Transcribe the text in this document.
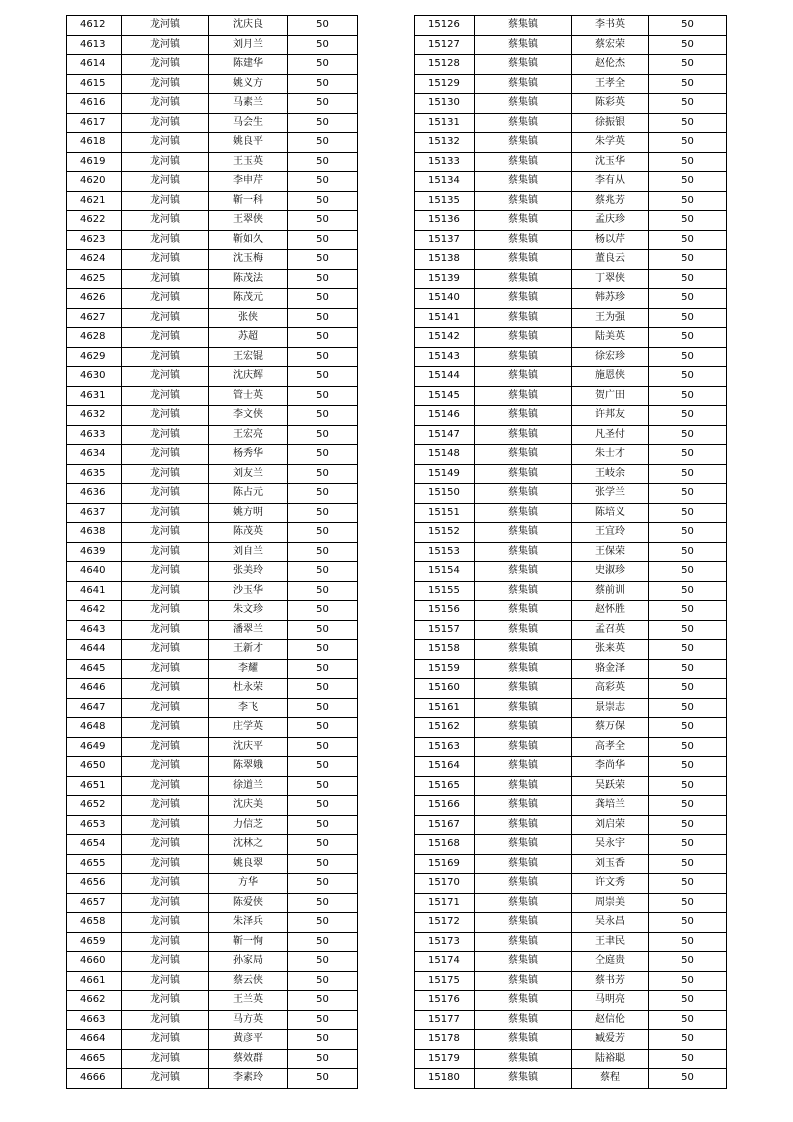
4612	龙河镇	沈庆良	50
4613	龙河镇	刘月兰	50
4614	龙河镇	陈建华	50
4615	龙河镇	姚义方	50
4616	龙河镇	马素兰	50
4617	龙河镇	马会生	50
4618	龙河镇	姚良平	50
4619	龙河镇	王玉英	50
4620	龙河镇	李申芹	50
4621	龙河镇	靳一科	50
4622	龙河镇	王翠侠	50
4623	龙河镇	靳如久	50
4624	龙河镇	沈玉梅	50
4625	龙河镇	陈茂法	50
4626	龙河镇	陈茂元	50
4627	龙河镇	张侠	50
4628	龙河镇	苏超	50
4629	龙河镇	王宏锟	50
4630	龙河镇	沈庆辉	50
4631	龙河镇	管士英	50
4632	龙河镇	李文侠	50
4633	龙河镇	王宏亮	50
4634	龙河镇	杨秀华	50
4635	龙河镇	刘友兰	50
4636	龙河镇	陈占元	50
4637	龙河镇	姚方明	50
4638	龙河镇	陈茂英	50
4639	龙河镇	刘自兰	50
4640	龙河镇	张美玲	50
4641	龙河镇	沙玉华	50
4642	龙河镇	朱文珍	50
4643	龙河镇	潘翠兰	50
4644	龙河镇	王新才	50
4645	龙河镇	李耀	50
4646	龙河镇	杜永荣	50
4647	龙河镇	李飞	50
4648	龙河镇	庄学英	50
4649	龙河镇	沈庆平	50
4650	龙河镇	陈翠娥	50
4651	龙河镇	徐道兰	50
4652	龙河镇	沈庆美	50
4653	龙河镇	力信芝	50
4654	龙河镇	沈林之	50
4655	龙河镇	姚良翠	50
4656	龙河镇	方华	50
4657	龙河镇	陈爱侠	50
4658	龙河镇	朱泽兵	50
4659	龙河镇	靳一恂	50
4660	龙河镇	孙家局	50
4661	龙河镇	蔡云侠	50
4662	龙河镇	王兰英	50
4663	龙河镇	马方英	50
4664	龙河镇	黄彦平	50
4665	龙河镇	蔡效群	50
4666	龙河镇	李素玲	50
15126	蔡集镇	李书英	50
15127	蔡集镇	蔡宏荣	50
15128	蔡集镇	赵伦杰	50
15129	蔡集镇	王孝全	50
15130	蔡集镇	陈彩英	50
15131	蔡集镇	徐振银	50
15132	蔡集镇	朱学英	50
15133	蔡集镇	沈玉华	50
15134	蔡集镇	李有从	50
15135	蔡集镇	蔡兆芳	50
15136	蔡集镇	孟庆珍	50
15137	蔡集镇	杨以芹	50
15138	蔡集镇	董良云	50
15139	蔡集镇	丁翠侠	50
15140	蔡集镇	韩苏珍	50
15141	蔡集镇	王为强	50
15142	蔡集镇	陆美英	50
15143	蔡集镇	徐宏珍	50
15144	蔡集镇	施恩侠	50
15145	蔡集镇	贺广田	50
15146	蔡集镇	许邦友	50
15147	蔡集镇	凡圣付	50
15148	蔡集镇	朱士才	50
15149	蔡集镇	王岐余	50
15150	蔡集镇	张学兰	50
15151	蔡集镇	陈培义	50
15152	蔡集镇	王宜玲	50
15153	蔡集镇	王保荣	50
15154	蔡集镇	史淑珍	50
15155	蔡集镇	蔡前训	50
15156	蔡集镇	赵怀胜	50
15157	蔡集镇	孟召英	50
15158	蔡集镇	张来英	50
15159	蔡集镇	骆金泽	50
15160	蔡集镇	高彩英	50
15161	蔡集镇	景崇志	50
15162	蔡集镇	蔡万保	50
15163	蔡集镇	高孝全	50
15164	蔡集镇	李尚华	50
15165	蔡集镇	吴跃荣	50
15166	蔡集镇	龚培兰	50
15167	蔡集镇	刘启荣	50
15168	蔡集镇	吴永宇	50
15169	蔡集镇	刘玉香	50
15170	蔡集镇	许文秀	50
15171	蔡集镇	周崇美	50
15172	蔡集镇	吴永昌	50
15173	蔡集镇	王聿民	50
15174	蔡集镇	仝庭贵	50
15175	蔡集镇	蔡书芳	50
15176	蔡集镇	马明亮	50
15177	蔡集镇	赵信伦	50
15178	蔡集镇	臧爱芳	50
15179	蔡集镇	陆裕聪	50
15180	蔡集镇	蔡程	50
